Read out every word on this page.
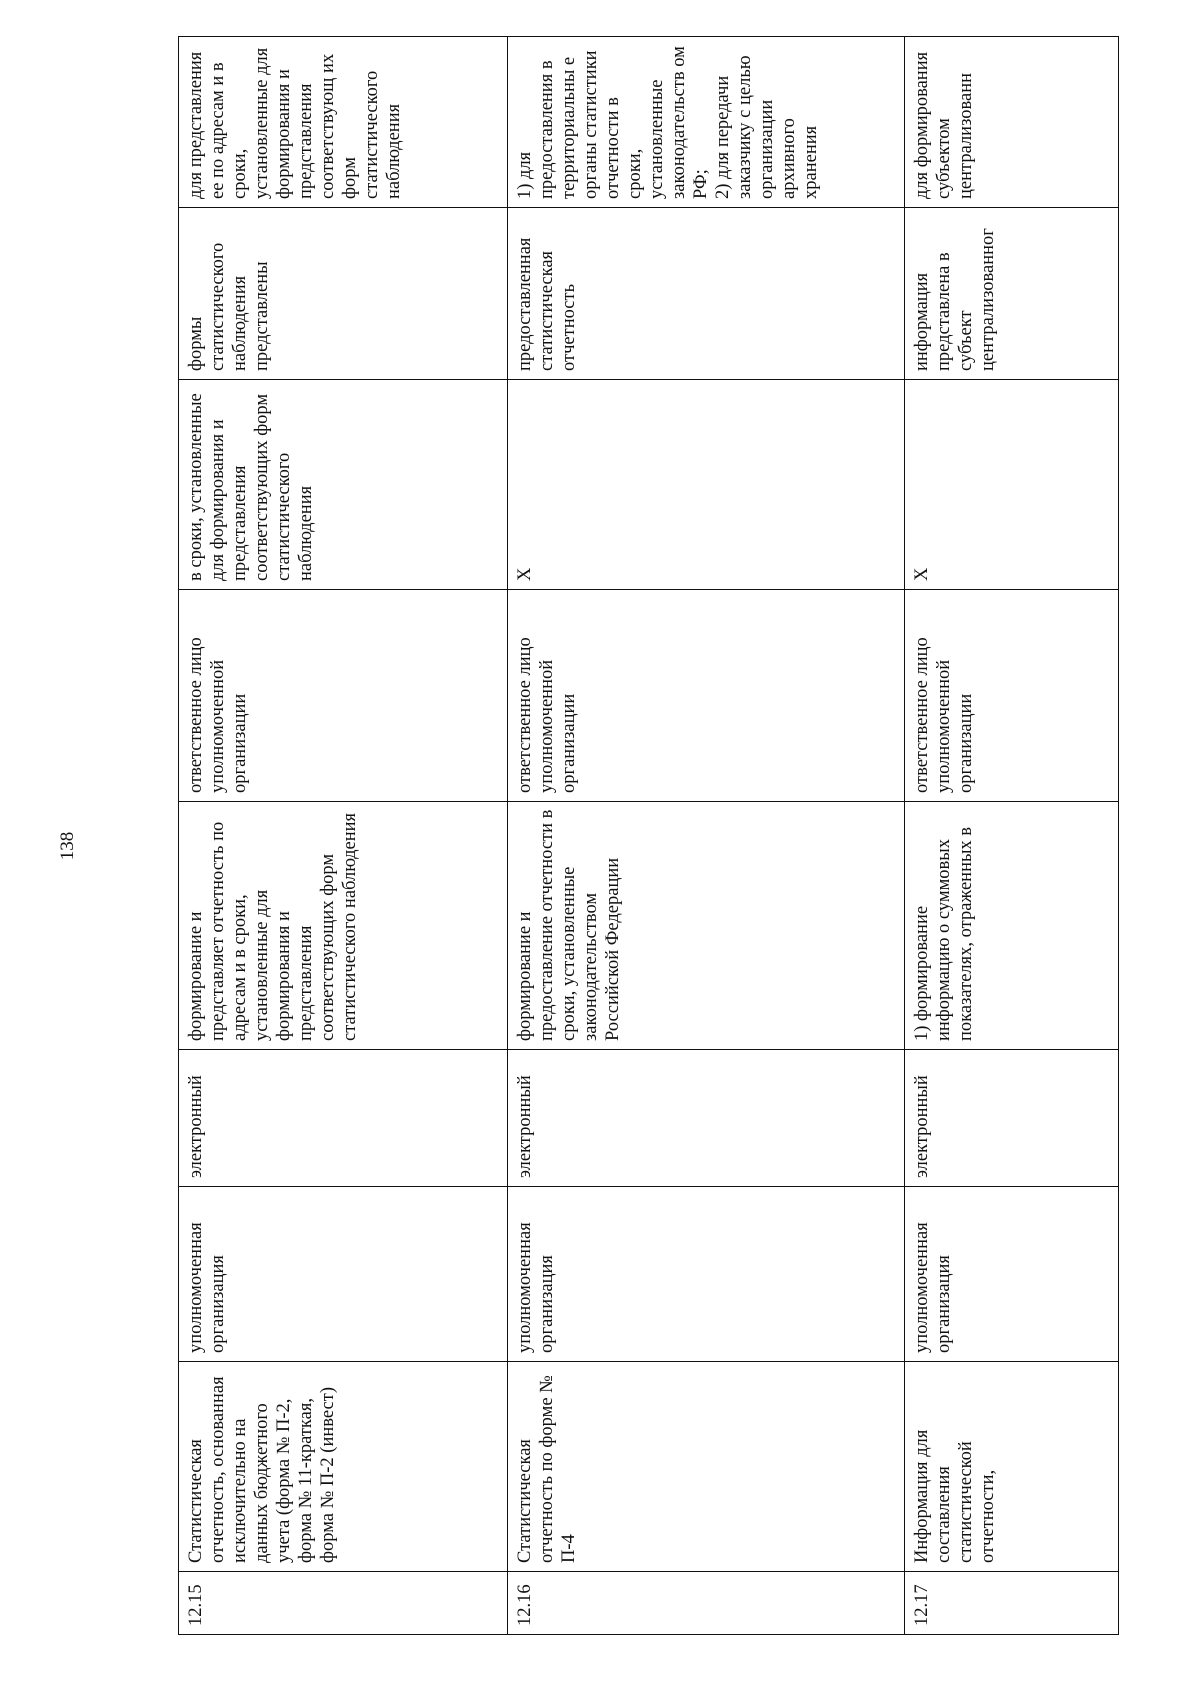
138
12.15	Статистическая отчетность, основанная исключительно на данных бюджетного учета (форма № П-2, форма № 11-краткая, форма № П-2 (инвест)	уполномоченная организация	электронный	формирование и представляет отчетность по адресам и в сроки, установленные для формирования и представления соответствующих форм статистического наблюдения	ответственное лицо уполномоченной организации	в сроки, установленные для формирования и представления соответствующих форм статистического наблюдения	формы статистического наблюдения представлены	для представления ее по адресам и в сроки, установленные для формирования и представления соответствующ их форм статистического наблюдения
12.16	Статистическая отчетность по форме № П-4	уполномоченная организация	электронный	формирование и предоставление отчетности в сроки, установленные законодательством Российской Федерации	ответственное лицо уполномоченной организации	Х	предоставленная статистическая отчетность	1) для предоставления в территориальны е органы статистики отчетности в сроки, установленные законодательств ом РФ;
2) для передачи заказчику с целью организации архивного хранения
12.17	Информация для составления статистической отчетности,	уполномоченная организация	электронный	1) формирование информацию о суммовых показателях, отраженных в	ответственное лицо уполномоченной организации	Х	информация представлена в субъект централизованног	для формирования субъектом централизованн
